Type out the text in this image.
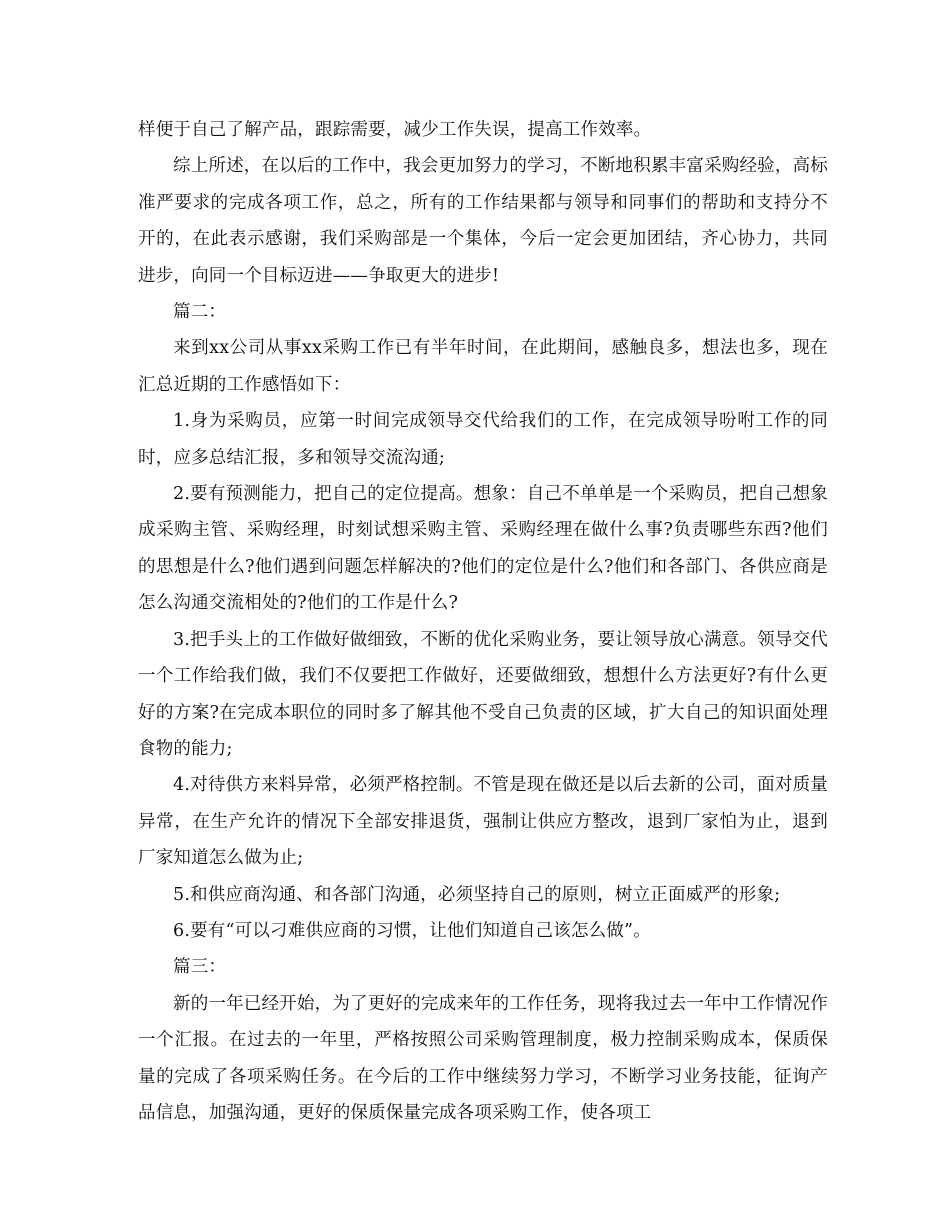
样便于自己了解产品，跟踪需要，减少工作失误，提高工作效率。

综上所述，在以后的工作中，我会更加努力的学习，不断地积累丰富采购经验，高标准严要求的完成各项工作，总之，所有的工作结果都与领导和同事们的帮助和支持分不开的，在此表示感谢，我们采购部是一个集体，今后一定会更加团结，齐心协力，共同进步，向同一个目标迈进——争取更大的进步!

篇二：

来到xx公司从事xx采购工作已有半年时间，在此期间，感触良多，想法也多，现在汇总近期的工作感悟如下：

1.身为采购员，应第一时间完成领导交代给我们的工作，在完成领导吩咐工作的同时，应多总结汇报，多和领导交流沟通;

2.要有预测能力，把自己的定位提高。想象：自己不单单是一个采购员，把自己想象成采购主管、采购经理，时刻试想采购主管、采购经理在做什么事?负责哪些东西?他们的思想是什么?他们遇到问题怎样解决的?他们的定位是什么?他们和各部门、各供应商是怎么沟通交流相处的?他们的工作是什么?

3.把手头上的工作做好做细致，不断的优化采购业务，要让领导放心满意。领导交代一个工作给我们做，我们不仅要把工作做好，还要做细致，想想什么方法更好?有什么更好的方案?在完成本职位的同时多了解其他不受自己负责的区域，扩大自己的知识面处理食物的能力;

4.对待供方来料异常，必须严格控制。不管是现在做还是以后去新的公司，面对质量异常，在生产允许的情况下全部安排退货，强制让供应方整改，退到厂家怕为止，退到厂家知道怎么做为止;

5.和供应商沟通、和各部门沟通，必须坚持自己的原则，树立正面威严的形象;

6.要有“可以刁难供应商的习惯，让他们知道自己该怎么做”。

篇三：

新的一年已经开始，为了更好的完成来年的工作任务，现将我过去一年中工作情况作一个汇报。在过去的一年里，严格按照公司采购管理制度，极力控制采购成本，保质保量的完成了各项采购任务。在今后的工作中继续努力学习，不断学习业务技能，征询产品信息，加强沟通，更好的保质保量完成各项采购工作，使各项工
